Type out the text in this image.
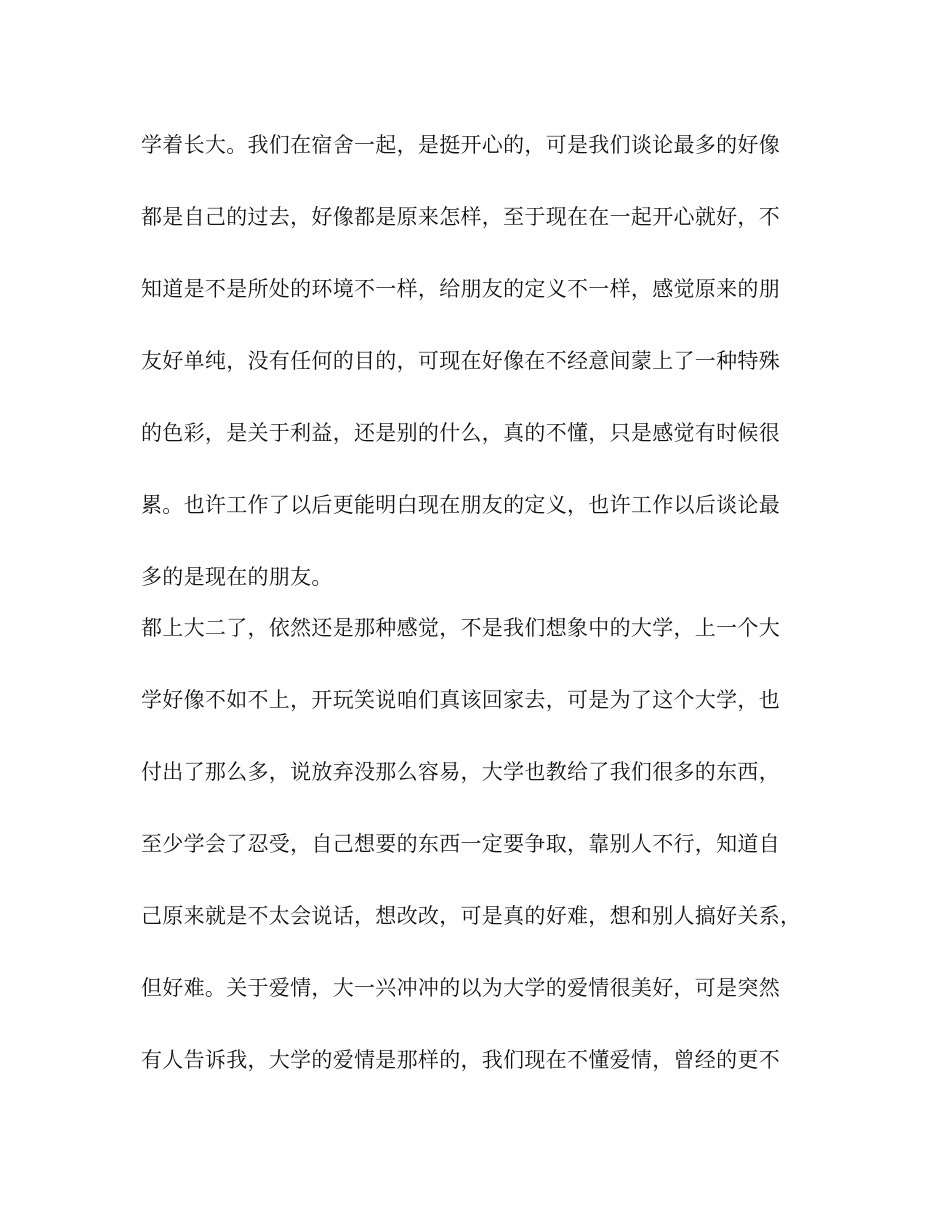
学着长大。我们在宿舍一起，是挺开心的，可是我们谈论最多的好像
都是自己的过去，好像都是原来怎样，至于现在在一起开心就好，不
知道是不是所处的环境不一样，给朋友的定义不一样，感觉原来的朋
友好单纯，没有任何的目的，可现在好像在不经意间蒙上了一种特殊
的色彩，是关于利益，还是别的什么，真的不懂，只是感觉有时候很
累。也许工作了以后更能明白现在朋友的定义，也许工作以后谈论最
多的是现在的朋友。

都上大二了，依然还是那种感觉，不是我们想象中的大学，上一个大
学好像不如不上，开玩笑说咱们真该回家去，可是为了这个大学，也
付出了那么多，说放弃没那么容易，大学也教给了我们很多的东西，
至少学会了忍受，自己想要的东西一定要争取，靠别人不行，知道自
己原来就是不太会说话，想改改，可是真的好难，想和别人搞好关系，
但好难。关于爱情，大一兴冲冲的以为大学的爱情很美好，可是突然
有人告诉我，大学的爱情是那样的，我们现在不懂爱情，曾经的更不
